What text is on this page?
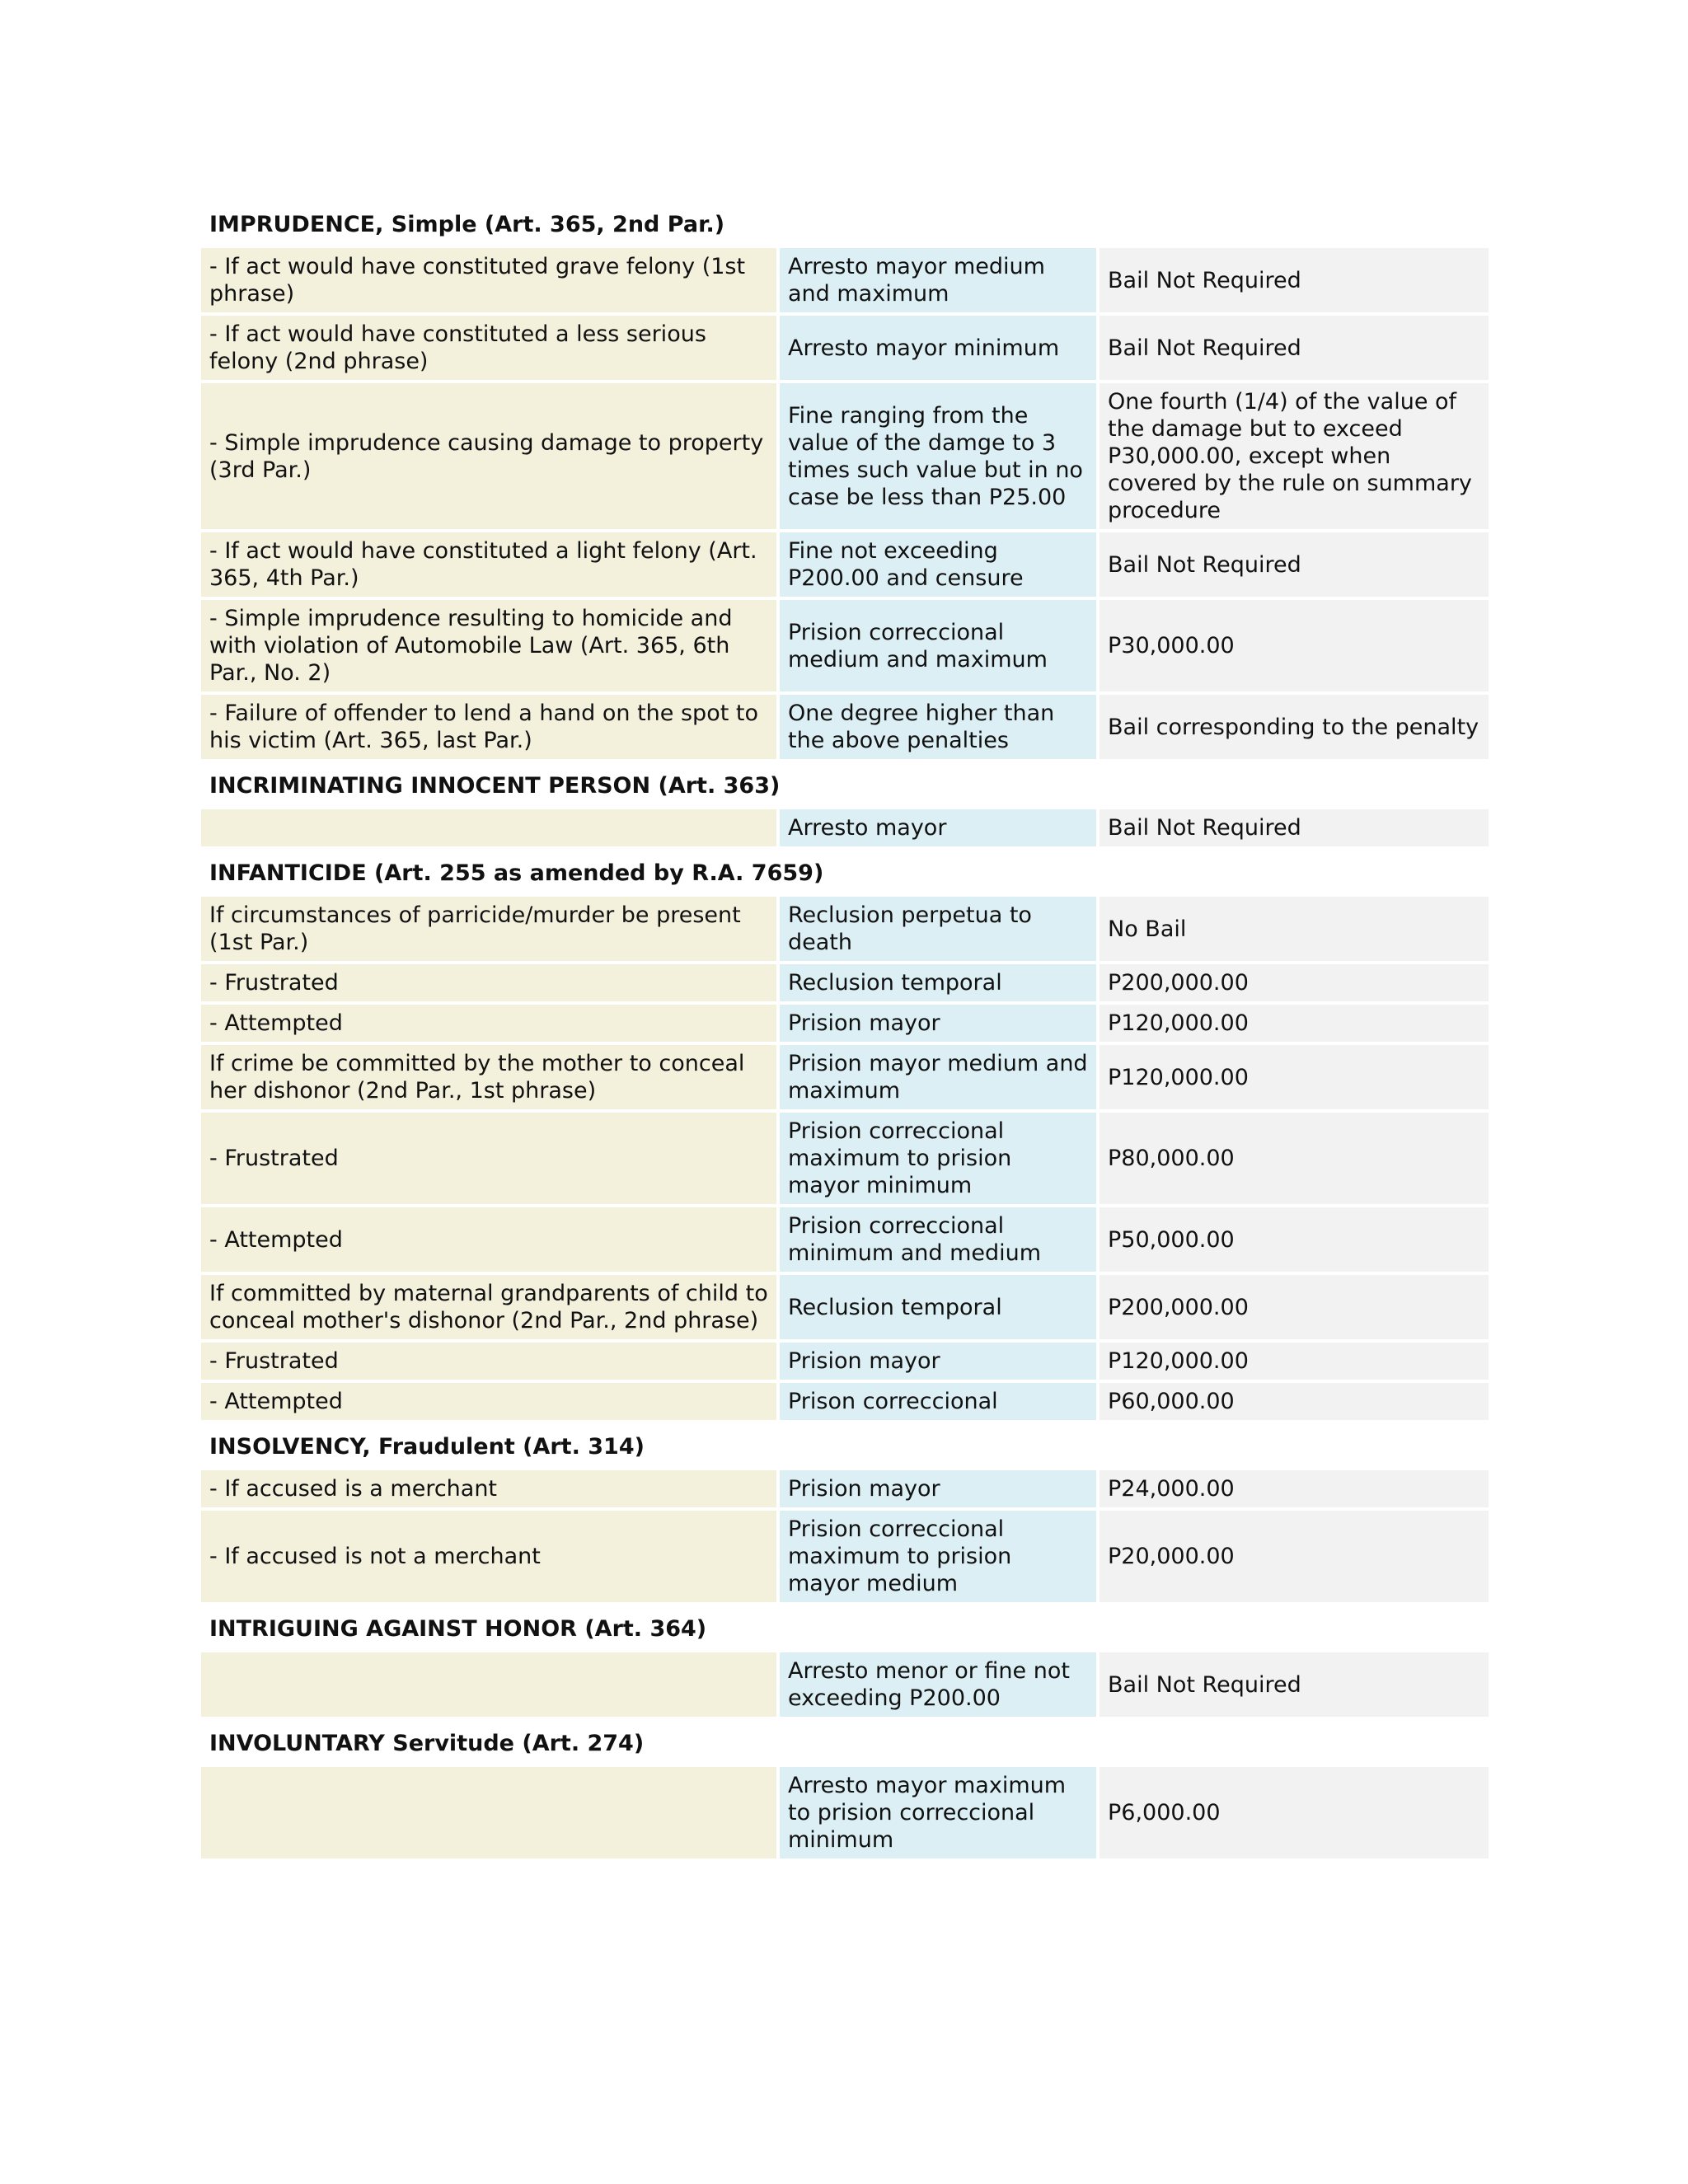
IMPRUDENCE, Simple (Art. 365, 2nd Par.)		
- If act would have constituted grave felony (1st phrase)	Arresto mayor medium and maximum	Bail Not Required
- If act would have constituted a less serious felony (2nd phrase)	Arresto mayor minimum	Bail Not Required
- Simple imprudence causing damage to property (3rd Par.)	Fine ranging from the value of the damge to 3 times such value but in no case be less than P25.00	One fourth (1/4) of the value of the damage but to exceed P30,000.00, except when covered by the rule on summary procedure
- If act would have constituted a light felony (Art. 365, 4th Par.)	Fine not exceeding P200.00 and censure	Bail Not Required
- Simple imprudence resulting to homicide and with violation of Automobile Law (Art. 365, 6th Par., No. 2)	Prision correccional medium and maximum	P30,000.00
- Failure of offender to lend a hand on the spot to his victim (Art. 365, last Par.)	One degree higher than the above penalties	Bail corresponding to the penalty
INCRIMINATING INNOCENT PERSON (Art. 363)		
	Arresto mayor	Bail Not Required
INFANTICIDE (Art. 255 as amended by R.A. 7659)		
If circumstances of parricide/murder be present (1st Par.)	Reclusion perpetua to death	No Bail
- Frustrated	Reclusion temporal	P200,000.00
- Attempted	Prision mayor	P120,000.00
If crime be committed by the mother to conceal her dishonor (2nd Par., 1st phrase)	Prision mayor medium and maximum	P120,000.00
- Frustrated	Prision correccional maximum to prision mayor minimum	P80,000.00
- Attempted	Prision correccional minimum and medium	P50,000.00
If committed by maternal grandparents of child to conceal mother's dishonor (2nd Par., 2nd phrase)	Reclusion temporal	P200,000.00
- Frustrated	Prision mayor	P120,000.00
- Attempted	Prison correccional	P60,000.00
INSOLVENCY, Fraudulent (Art. 314)		
- If accused is a merchant	Prision mayor	P24,000.00
- If accused is not a merchant	Prision correccional maximum to prision mayor medium	P20,000.00
INTRIGUING AGAINST HONOR (Art. 364)		
	Arresto menor or fine not exceeding P200.00	Bail Not Required
INVOLUNTARY Servitude (Art. 274)		
	Arresto mayor maximum to prision correccional minimum	P6,000.00
